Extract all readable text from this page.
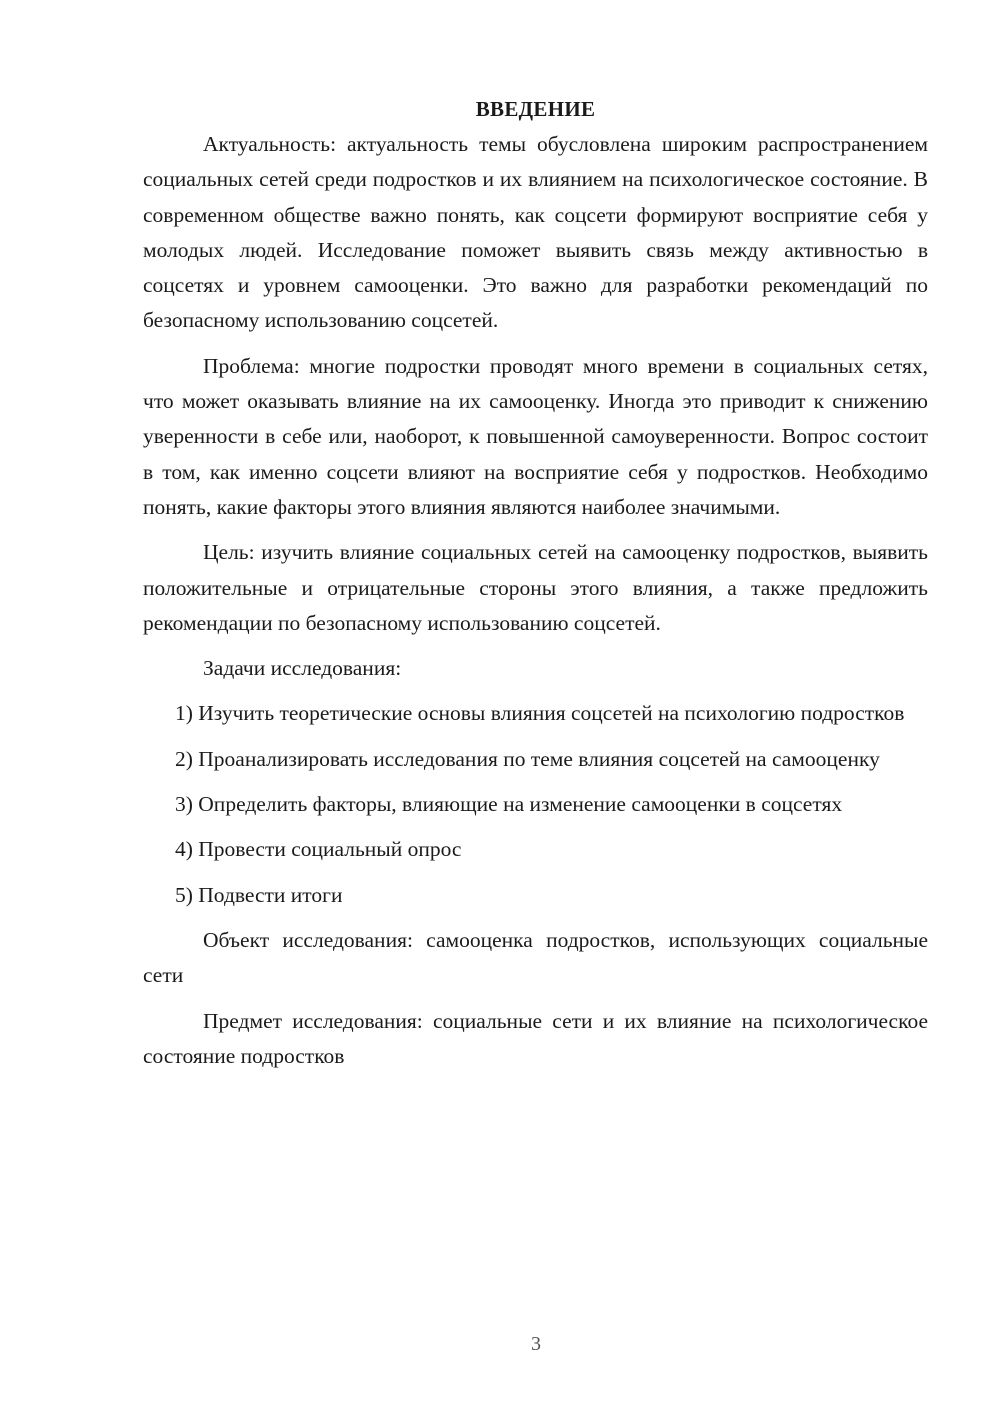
ВВЕДЕНИЕ

Актуальность: актуальность темы обусловлена широким распространением социальных сетей среди подростков и их влиянием на психологическое состояние. В современном обществе важно понять, как соцсети формируют восприятие себя у молодых людей. Исследование поможет выявить связь между активностью в соцсетях и уровнем самооценки. Это важно для разработки рекомендаций по безопасному использованию соцсетей.

Проблема: многие подростки проводят много времени в социальных сетях, что может оказывать влияние на их самооценку. Иногда это приводит к снижению уверенности в себе или, наоборот, к повышенной самоуверенности. Вопрос состоит в том, как именно соцсети влияют на восприятие себя у подростков. Необходимо понять, какие факторы этого влияния являются наиболее значимыми.

Цель: изучить влияние социальных сетей на самооценку подростков, выявить положительные и отрицательные стороны этого влияния, а также предложить рекомендации по безопасному использованию соцсетей.

Задачи исследования:

1) Изучить теоретические основы влияния соцсетей на психологию подростков

2) Проанализировать исследования по теме влияния соцсетей на самооценку

3) Определить факторы, влияющие на изменение самооценки в соцсетях

4) Провести социальный опрос

5) Подвести итоги

Объект исследования: самооценка подростков, использующих социальные сети

Предмет исследования: социальные сети и их влияние на психологическое состояние подростков

3
